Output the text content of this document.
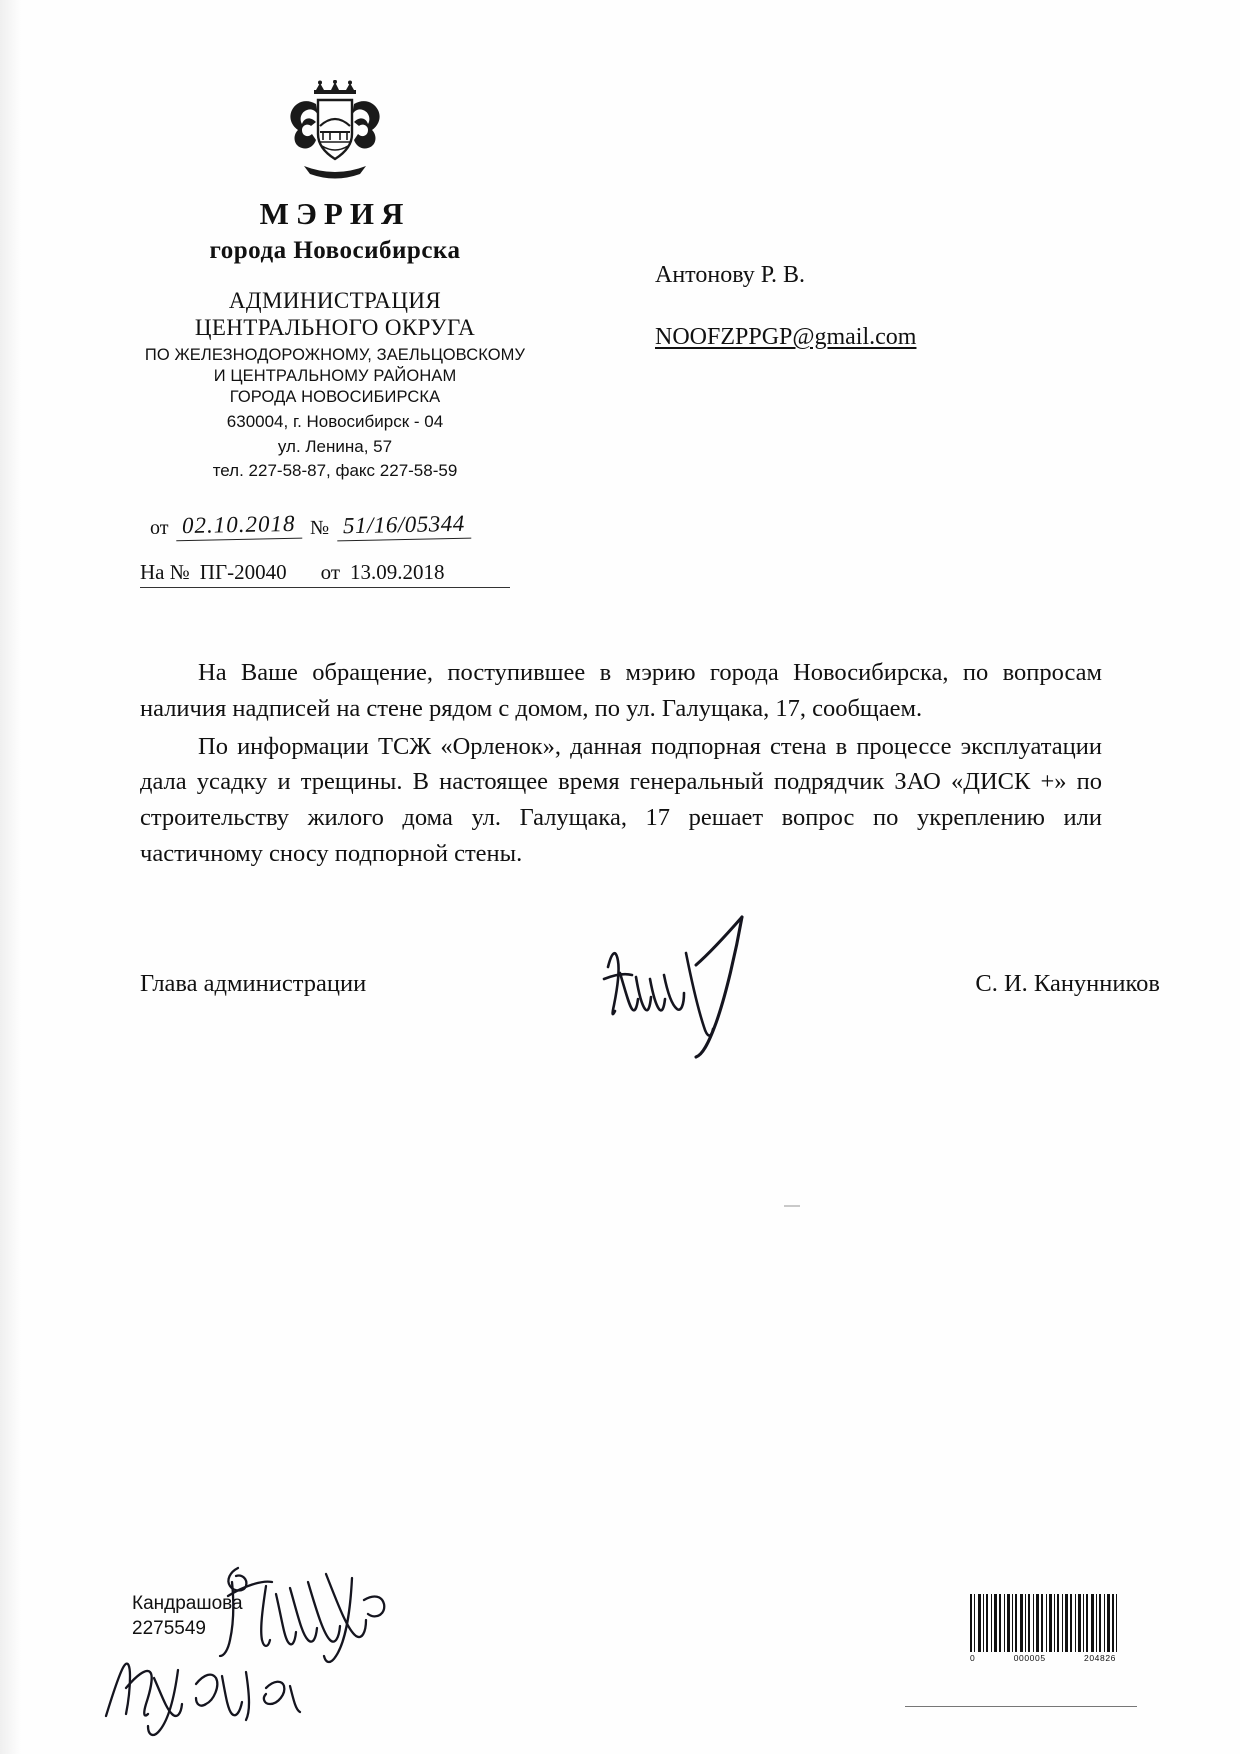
МЭРИЯ
города Новосибирска
АДМИНИСТРАЦИЯ
ЦЕНТРАЛЬНОГО ОКРУГА
ПО ЖЕЛЕЗНОДОРОЖНОМУ, ЗАЕЛЬЦОВСКОМУ
И ЦЕНТРАЛЬНОМУ РАЙОНАМ
ГОРОДА НОВОСИБИРСКА
630004, г. Новосибирск - 04
ул. Ленина, 57
тел. 227-58-87, факс 227-58-59
от 02.10.2018 № 51/16/05344
На № ПГ-20040 от 13.09.2018
Антонову Р. В.
NOOFZPPGP@gmail.com

На Ваше обращение, поступившее в мэрию города Новосибирска, по вопросам наличия надписей на стене рядом с домом, по ул. Галущака, 17, сообщаем.

По информации ТСЖ «Орленок», данная подпорная стена в процессе эксплуатации дала усадку и трещины. В настоящее время генеральный подрядчик ЗАО «ДИСК +» по строительству жилого дома ул. Галущака, 17 решает вопрос по укреплению или частичному сносу подпорной стены.

Глава администрации	С. И. Канунников
Кандрашова
2275549
0	000005	204826
